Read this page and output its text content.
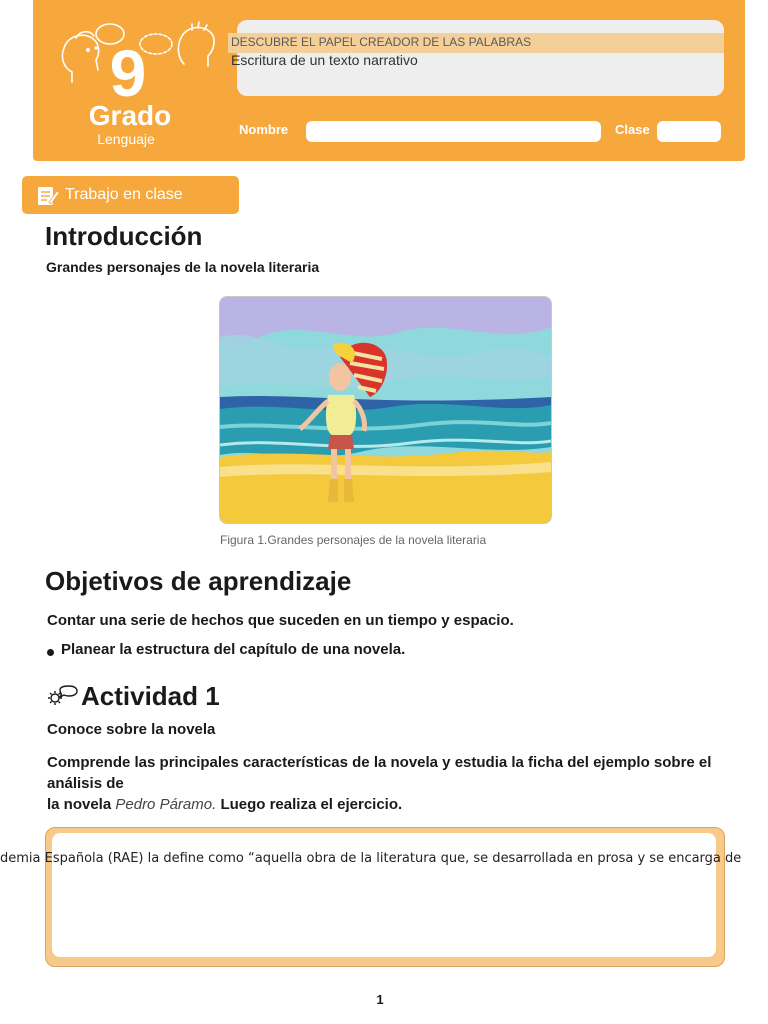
9
Grado
Lenguaje
DESCUBRE EL PAPEL CREADOR DE LAS PALABRAS
Escritura de un texto narrativo
Nombre	Clase
Trabajo en clase
Introducción
Grandes personajes de la novela literaria
Figura 1.Grandes personajes de la novela literaria
Objetivos de aprendizaje
Contar una serie de hechos que suceden en un tiempo y espacio.
Planear la estructura del capítulo de una novela.
Actividad 1
Conoce sobre la novela
Comprende las principales características de la novela y estudia la ficha del ejemplo sobre el análisis de
la novela Pedro Páramo. Luego realiza el ejercicio.
demia Española (RAE) la define como “aquella obra de la literatura que, se desarrollada en prosa y se encarga de
1
